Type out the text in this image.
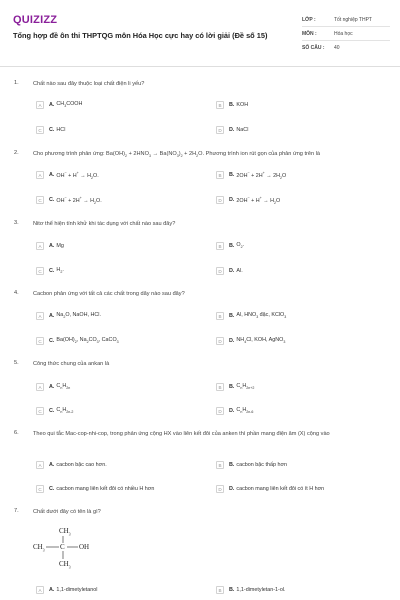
QUIZIZZ
Tổng hợp đề ôn thi THPTQG môn Hóa Học cực hay có lời giải (Đề số 15)
LỚP :	Tốt nghiệp THPT
MÔN :	Hóa học
SỐ CÂU :	40
1.	Chất nào sau đây thuộc loại chất điện li yếu?
2.	Cho phương trình phản ứng: $Ba(OH)_2 + 2HNO_3 \to Ba(NO_3)_2 + 2H_2O$. Phương trình ion rút gọn của phản ứng trên là
3.	Nitơ thể hiện tính khử khi tác dụng với chất nào sau đây?
4.	Cacbon phản ứng với tất cả các chất trong dãy nào sau đây?
5.	Công thức chung của ankan là
6.	Theo qui tắc Mac-cop-nhi-cop, trong phản ứng cộng HX vào liên kết đôi của anken thì phần mang điện âm (X) cộng vào
7.	Chất dưới đây có tên là gì?
$CH_3$
$CH_3$ C OH
$CH_3$
A	A. $CH_3COOH$	B	B. KOH
C	C. HCl	D	D. NaCl
A	A. $OH^- + H^+ \to H_2O$.	B	B. $2OH^- + 2H^+ \to 2H_2O$
C	C. $OH^- + 2H^+ \to H_2O$.	D	D. $2OH^- + H^+ \to H_2O$
A	A. Mg	B	B. $O_2$.
C	C. $H_2$.	D	D. Al.
A	A. $Na_2O$, NaOH, HCl.	B	B. Al, $HNO_3$ đặc, KClO$_3$
C	C. $Ba(OH)_2$, $Na_2CO_3$, CaCO$_3$	D	D. $NH_4Cl$, KOH, AgNO$_3$
A	A. $C_nH_{2n}$	B	B. $C_nH_{2n+2}$
C	C. $C_nH_{2n-2}$	D	D. $C_nH_{2n-6}$
A	A. cacbon bậc cao hơn.	B	B. cacbon bậc thấp hơn
C	C. cacbon mang liên kết đôi có nhiều H hơn	D	D. cacbon mang liên kết đôi có ít H hơn
A	A. 1,1-dimetyletanol	B	B. 1,1-dimetyletan-1-ol.
